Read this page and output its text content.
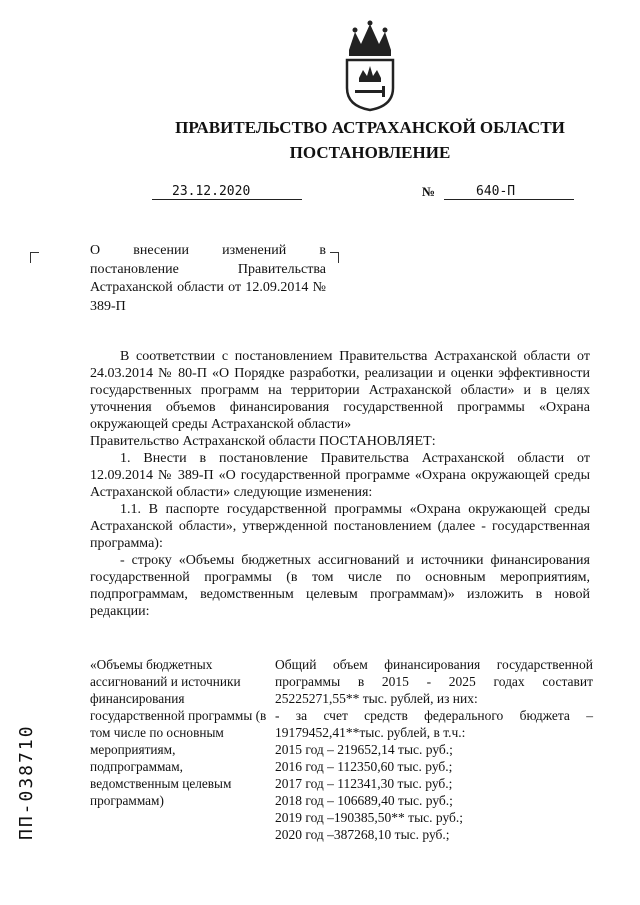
ПРАВИТЕЛЬСТВО АСТРАХАНСКОЙ ОБЛАСТИ
ПОСТАНОВЛЕНИЕ
23.12.2020	№	640-П
О внесении изменений в постановление Правительства Астраханской области от 12.09.2014 № 389-П

В соответствии с постановлением Правительства Астраханской области от 24.03.2014 № 80-П «О Порядке разработки, реализации и оценки эффективности государственных программ на территории Астраханской области» и в целях уточнения объемов финансирования государственной программы «Охрана окружающей среды Астраханской области»

Правительство Астраханской области ПОСТАНОВЛЯЕТ:

1. Внести в постановление Правительства Астраханской области от 12.09.2014 № 389-П «О государственной программе «Охрана окружающей среды Астраханской области» следующие изменения:

1.1. В паспорте государственной программы «Охрана окружающей среды Астраханской области», утвержденной постановлением (далее - государственная программа):

- строку «Объемы бюджетных ассигнований и источники финансирования государственной программы (в том числе по основным мероприятиям, подпрограммам, ведомственным целевым программам)» изложить в новой редакции:

«Объемы бюджетных ассигнований и источники финансирования государственной программы (в том числе по основным мероприятиям, подпрограммам, ведомственным целевым программам)
Общий объем финансирования государственной программы в 2015 - 2025 годах составит 25225271,55** тыс. рублей, из них:
- за счет средств федерального бюджета – 19179452,41**тыс. рублей, в т.ч.:
2015 год – 219652,14 тыс. руб.;
2016 год – 112350,60 тыс. руб.;
2017 год – 112341,30 тыс. руб.;
2018 год – 106689,40 тыс. руб.;
2019 год –190385,50** тыс. руб.;
2020 год –387268,10 тыс. руб.;
ПП-038710
